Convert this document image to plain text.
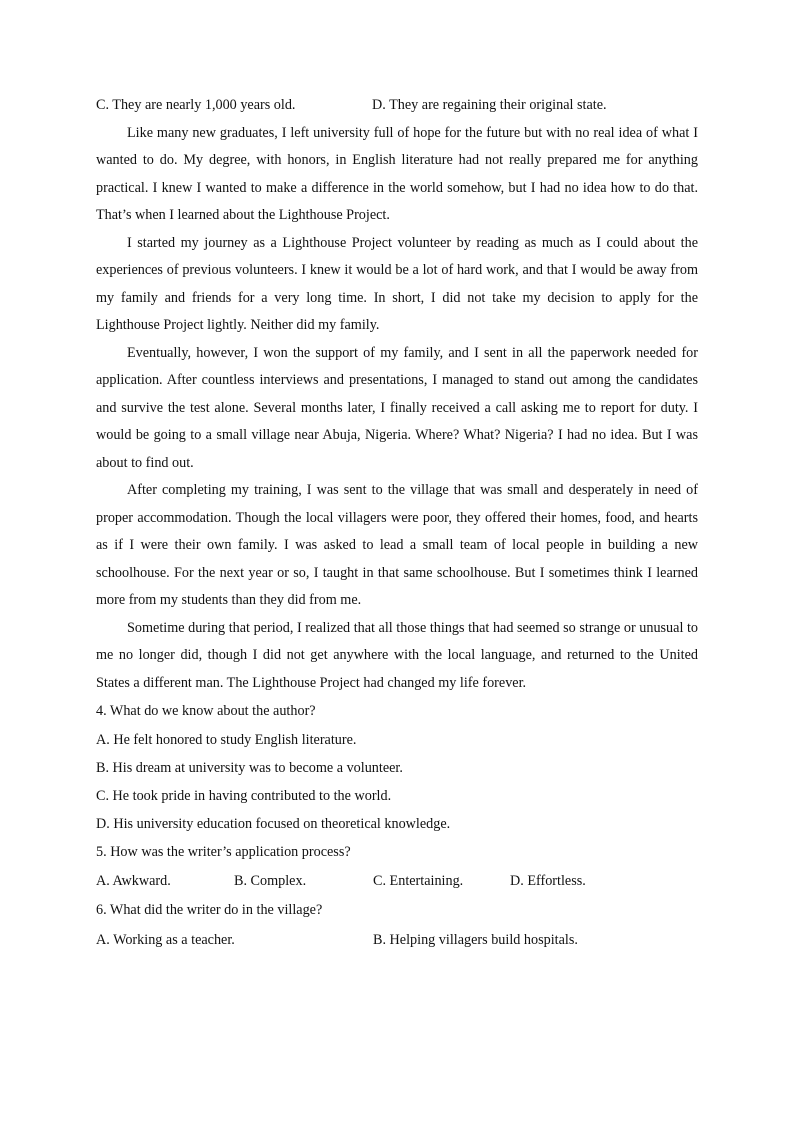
C. They are nearly 1,000 years old.	D. They are regaining their original state.

Like many new graduates, I left university full of hope for the future but with no real idea of what I wanted to do. My degree, with honors, in English literature had not really prepared me for anything practical. I knew I wanted to make a difference in the world somehow, but I had no idea how to do that. That’s when I learned about the Lighthouse Project.

I started my journey as a Lighthouse Project volunteer by reading as much as I could about the experiences of previous volunteers. I knew it would be a lot of hard work, and that I would be away from my family and friends for a very long time. In short, I did not take my decision to apply for the Lighthouse Project lightly. Neither did my family.

Eventually, however, I won the support of my family, and I sent in all the paperwork needed for application. After countless interviews and presentations, I managed to stand out among the candidates and survive the test alone. Several months later, I finally received a call asking me to report for duty. I would be going to a small village near Abuja, Nigeria. Where? What? Nigeria? I had no idea. But I was about to find out.

After completing my training, I was sent to the village that was small and desperately in need of proper accommodation. Though the local villagers were poor, they offered their homes, food, and hearts as if I were their own family. I was asked to lead a small team of local people in building a new schoolhouse. For the next year or so, I taught in that same schoolhouse. But I sometimes think I learned more from my students than they did from me.

Sometime during that period, I realized that all those things that had seemed so strange or unusual to me no longer did, though I did not get anywhere with the local language, and returned to the United States a different man. The Lighthouse Project had changed my life forever.

4. What do we know about the author?
A. He felt honored to study English literature.
B. His dream at university was to become a volunteer.
C. He took pride in having contributed to the world.
D. His university education focused on theoretical knowledge.
5. How was the writer’s application process?
A. Awkward.	B. Complex.	C. Entertaining.	D. Effortless.
6. What did the writer do in the village?
A. Working as a teacher.	B. Helping villagers build hospitals.
